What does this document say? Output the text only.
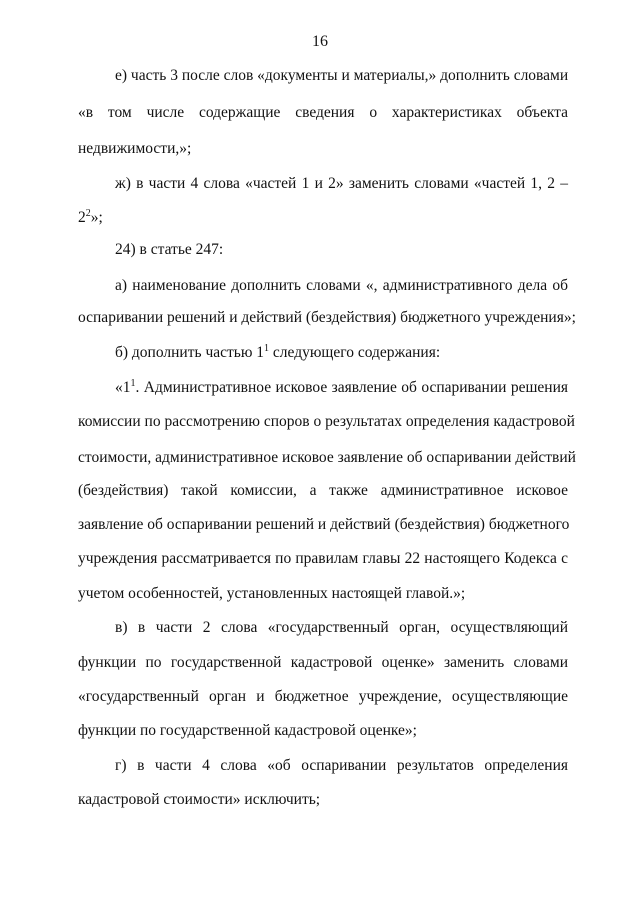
16
е) часть 3 после слов «документы и материалы,» дополнить словами
«в том числе содержащие сведения о характеристиках объекта
недвижимости,»;
ж) в части 4 слова «частей 1 и 2» заменить словами «частей 1, 2 –
$2^2$»;
24) в статье 247:
а) наименование дополнить словами «, административного дела об
оспаривании решений и действий (бездействия) бюджетного учреждения»;
б) дополнить частью $1^1$ следующего содержания:
«$1^1$. Административное исковое заявление об оспаривании решения
комиссии по рассмотрению споров о результатах определения кадастровой
стоимости, административное исковое заявление об оспаривании действий
(бездействия) такой комиссии, а также административное исковое
заявление об оспаривании решений и действий (бездействия) бюджетного
учреждения рассматривается по правилам главы 22 настоящего Кодекса с
учетом особенностей, установленных настоящей главой.»;
в) в части 2 слова «государственный орган, осуществляющий
функции по государственной кадастровой оценке» заменить словами
«государственный орган и бюджетное учреждение, осуществляющие
функции по государственной кадастровой оценке»;
г) в части 4 слова «об оспаривании результатов определения
кадастровой стоимости» исключить;
